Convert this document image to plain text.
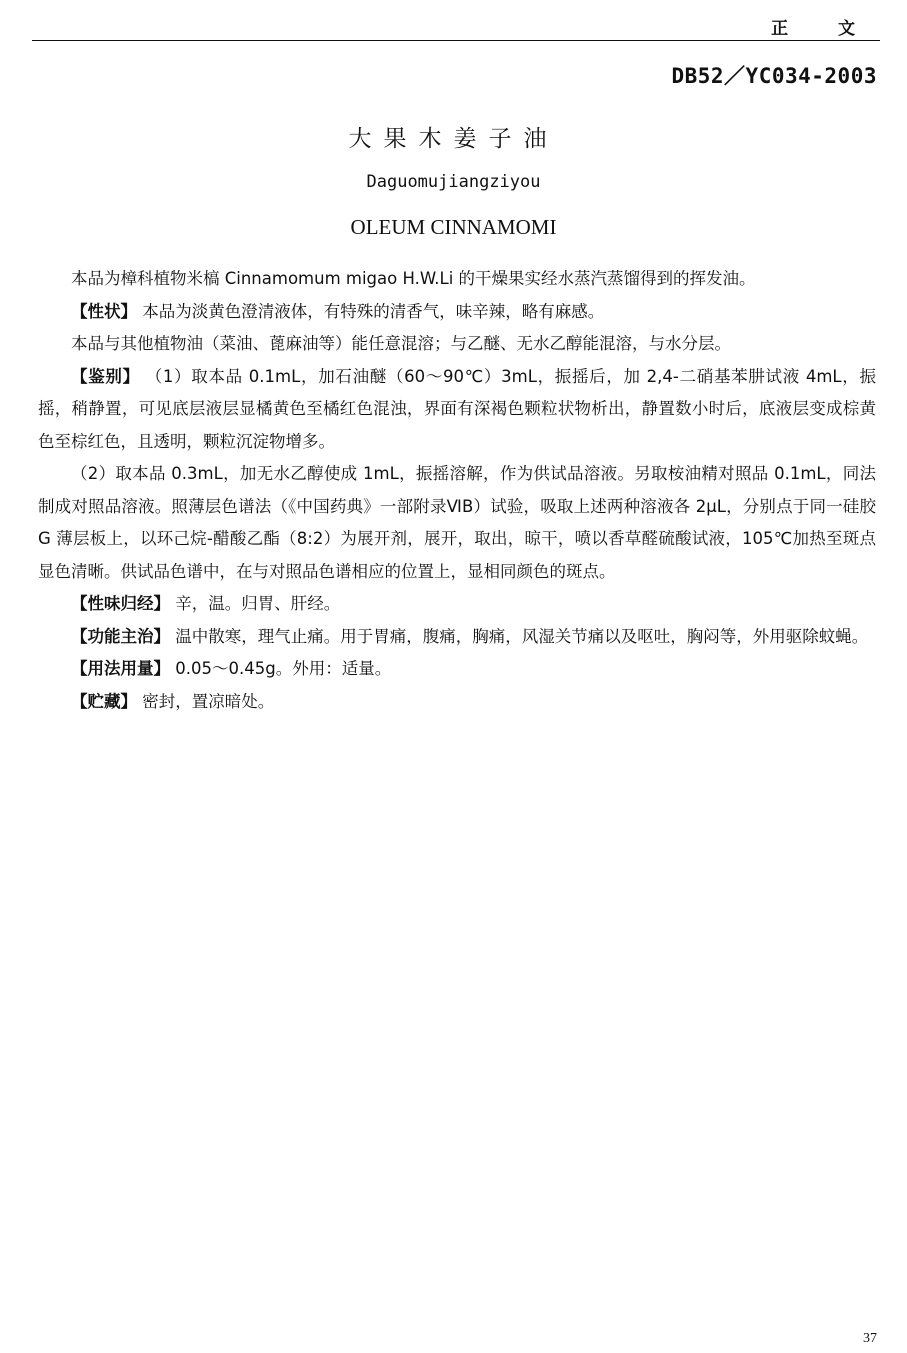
正 文
DB52／YC034-2003
大果木姜子油
Daguomujiangziyou
OLEUM CINNAMOMI

本品为樟科植物米槁 Cinnamomum migao H.W.Li 的干燥果实经水蒸汽蒸馏得到的挥发油。

【性状】 本品为淡黄色澄清液体，有特殊的清香气，味辛辣，略有麻感。

本品与其他植物油（菜油、蓖麻油等）能任意混溶；与乙醚、无水乙醇能混溶，与水分层。

【鉴别】 （1）取本品 0.1mL，加石油醚（60～90℃）3mL，振摇后，加 2,4-二硝基苯肼试液 4mL，振摇，稍静置，可见底层液层显橘黄色至橘红色混浊，界面有深褐色颗粒状物析出，静置数小时后，底液层变成棕黄色至棕红色，且透明，颗粒沉淀物增多。

（2）取本品 0.3mL，加无水乙醇使成 1mL，振摇溶解，作为供试品溶液。另取桉油精对照品 0.1mL，同法制成对照品溶液。照薄层色谱法（《中国药典》一部附录ⅥB）试验，吸取上述两种溶液各 2μL，分别点于同一硅胶 G 薄层板上，以环己烷-醋酸乙酯（8:2）为展开剂，展开，取出，晾干，喷以香草醛硫酸试液，105℃加热至斑点显色清晰。供试品色谱中，在与对照品色谱相应的位置上，显相同颜色的斑点。

【性味归经】 辛，温。归胃、肝经。

【功能主治】 温中散寒，理气止痛。用于胃痛，腹痛，胸痛，风湿关节痛以及呕吐，胸闷等，外用驱除蚊蝇。

【用法用量】 0.05～0.45g。外用：适量。

【贮藏】 密封，置凉暗处。

37
